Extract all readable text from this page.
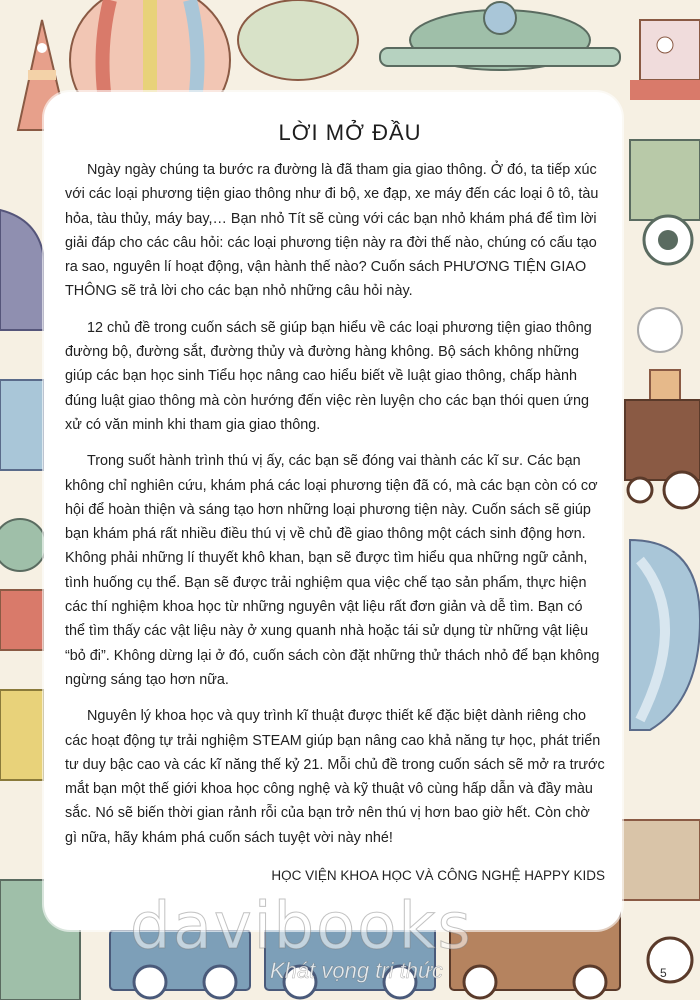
LỜI MỞ ĐẦU

Ngày ngày chúng ta bước ra đường là đã tham gia giao thông. Ở đó, ta tiếp xúc với các loại phương tiện giao thông như đi bộ, xe đạp, xe máy đến các loại ô tô, tàu hỏa, tàu thủy, máy bay,… Bạn nhỏ Tít sẽ cùng với các bạn nhỏ khám phá để tìm lời giải đáp cho các câu hỏi: các loại phương tiện này ra đời thế nào, chúng có cấu tạo ra sao, nguyên lí hoạt động, vận hành thế nào? Cuốn sách PHƯƠNG TIỆN GIAO THÔNG sẽ trả lời cho các bạn nhỏ những câu hỏi này.

12 chủ đề trong cuốn sách sẽ giúp bạn hiểu về các loại phương tiện giao thông đường bộ, đường sắt, đường thủy và đường hàng không. Bộ sách không những giúp các bạn học sinh Tiểu học nâng cao hiểu biết về luật giao thông, chấp hành đúng luật giao thông mà còn hướng đến việc rèn luyện cho các bạn thói quen ứng xử có văn minh khi tham gia giao thông.

Trong suốt hành trình thú vị ấy, các bạn sẽ đóng vai thành các kĩ sư. Các bạn không chỉ nghiên cứu, khám phá các loại phương tiện đã có, mà các bạn còn có cơ hội để hoàn thiện và sáng tạo hơn những loại phương tiện này. Cuốn sách sẽ giúp bạn khám phá rất nhiều điều thú vị về chủ đề giao thông một cách sinh động hơn. Không phải những lí thuyết khô khan, bạn sẽ được tìm hiểu qua những ngữ cảnh, tình huống cụ thể. Bạn sẽ được trải nghiệm qua việc chế tạo sản phẩm, thực hiện các thí nghiệm khoa học từ những nguyên vật liệu rất đơn giản và dễ tìm. Bạn có thể tìm thấy các vật liệu này ở xung quanh nhà hoặc tái sử dụng từ những vật liệu “bỏ đi”. Không dừng lại ở đó, cuốn sách còn đặt những thử thách nhỏ để bạn không ngừng sáng tạo hơn nữa.

Nguyên lý khoa học và quy trình kĩ thuật được thiết kế đặc biệt dành riêng cho các hoạt động tự trải nghiệm STEAM giúp bạn nâng cao khả năng tự học, phát triển tư duy bậc cao và các kĩ năng thế kỷ 21. Mỗi chủ đề trong cuốn sách sẽ mở ra trước mắt bạn một thế giới khoa học công nghệ và kỹ thuật vô cùng hấp dẫn và đầy màu sắc. Nó sẽ biến thời gian rảnh rỗi của bạn trở nên thú vị hơn bao giờ hết. Còn chờ gì nữa, hãy khám phá cuốn sách tuyệt vời này nhé!

HỌC VIỆN KHOA HỌC VÀ CÔNG NGHỆ HAPPY KIDS
davibooks
Khát vọng tri thức	5
